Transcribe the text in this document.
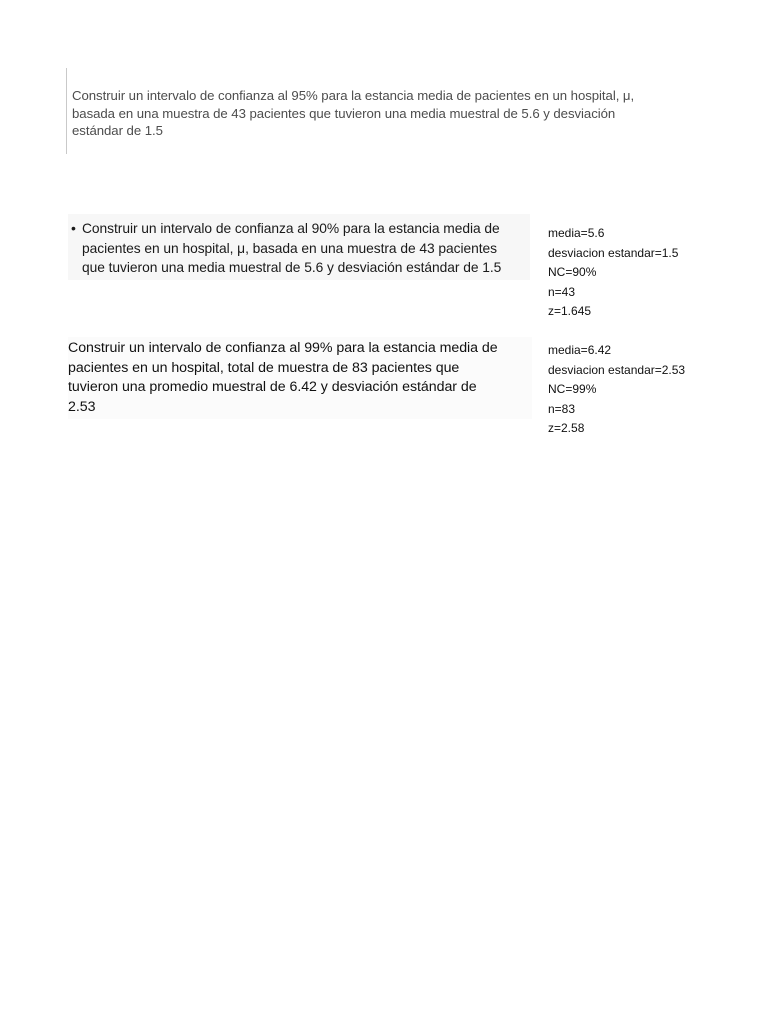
Construir un intervalo de confianza al 95% para la estancia media de pacientes en un hospital, μ,
basada en una muestra de 43 pacientes que tuvieron una media muestral de 5.6 y desviación
estándar de 1.5
• Construir un intervalo de confianza al 90% para la estancia media de
pacientes en un hospital, μ, basada en una muestra de 43 pacientes
que tuvieron una media muestral de 5.6 y desviación estándar de 1.5
media=5.6
desviacion estandar=1.5
NC=90%
n=43
z=1.645
Construir un intervalo de confianza al 99% para la estancia media de
pacientes en un hospital, total de muestra de 83 pacientes que
tuvieron una promedio muestral de 6.42 y desviación estándar de
2.53
media=6.42
desviacion estandar=2.53
NC=99%
n=83
z=2.58
